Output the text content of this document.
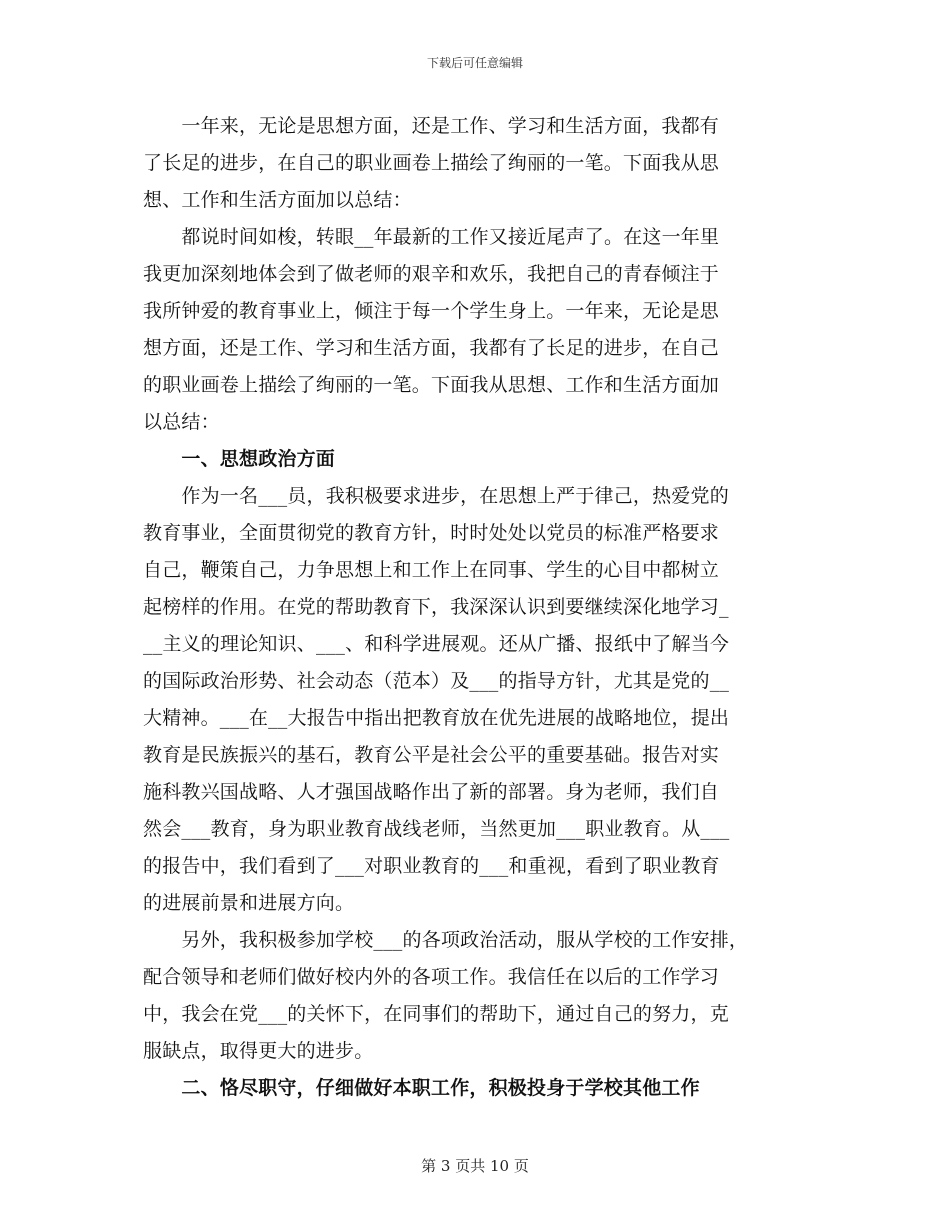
下载后可任意编辑
　　一年来，无论是思想方面，还是工作、学习和生活方面，我都有
了长足的进步，在自己的职业画卷上描绘了绚丽的一笔。下面我从思
想、工作和生活方面加以总结：
　　都说时间如梭，转眼__年最新的工作又接近尾声了。在这一年里
我更加深刻地体会到了做老师的艰辛和欢乐，我把自己的青春倾注于
我所钟爱的教育事业上，倾注于每一个学生身上。一年来，无论是思
想方面，还是工作、学习和生活方面，我都有了长足的进步，在自己
的职业画卷上描绘了绚丽的一笔。下面我从思想、工作和生活方面加
以总结：
　　一、思想政治方面
　　作为一名___员，我积极要求进步，在思想上严于律己，热爱党的
教育事业，全面贯彻党的教育方针，时时处处以党员的标准严格要求
自己，鞭策自己，力争思想上和工作上在同事、学生的心目中都树立
起榜样的作用。在党的帮助教育下，我深深认识到要继续深化地学习_
__主义的理论知识、___、和科学进展观。还从广播、报纸中了解当今
的国际政治形势、社会动态（范本）及___的指导方针，尤其是党的__
大精神。___在__大报告中指出把教育放在优先进展的战略地位，提出
教育是民族振兴的基石，教育公平是社会公平的重要基础。报告对实
施科教兴国战略、人才强国战略作出了新的部署。身为老师，我们自
然会___教育，身为职业教育战线老师，当然更加___职业教育。从___
的报告中，我们看到了___对职业教育的___和重视，看到了职业教育
的进展前景和进展方向。
　　另外，我积极参加学校___的各项政治活动，服从学校的工作安排，
配合领导和老师们做好校内外的各项工作。我信任在以后的工作学习
中，我会在党___的关怀下，在同事们的帮助下，通过自己的努力，克
服缺点，取得更大的进步。
　　二、恪尽职守，仔细做好本职工作，积极投身于学校其他工作
第 3 页共 10 页
